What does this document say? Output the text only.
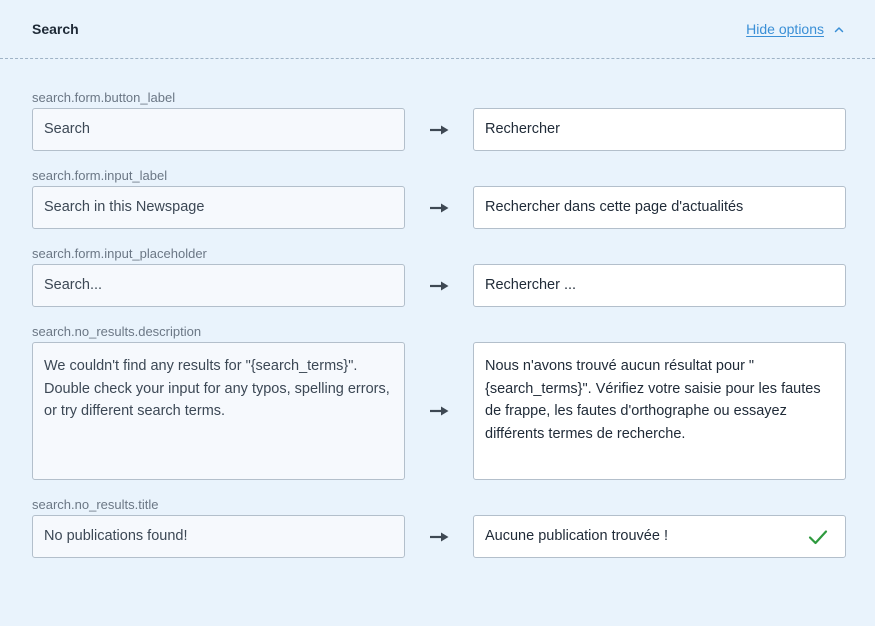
Search	Hide options
search.form.button_label
Search	Rechercher
search.form.input_label
Search in this Newspage	Rechercher dans cette page d'actualités
search.form.input_placeholder
Search...	Rechercher ...
search.no_results.description
We couldn't find any results for "{search_terms}". Double check your input for any typos, spelling errors, or try different search terms.
Nous n'avons trouvé aucun résultat pour "{search_terms}". Vérifiez votre saisie pour les fautes de frappe, les fautes d'orthographe ou essayez différents termes de recherche.
search.no_results.title
No publications found!	Aucune publication trouvée !
